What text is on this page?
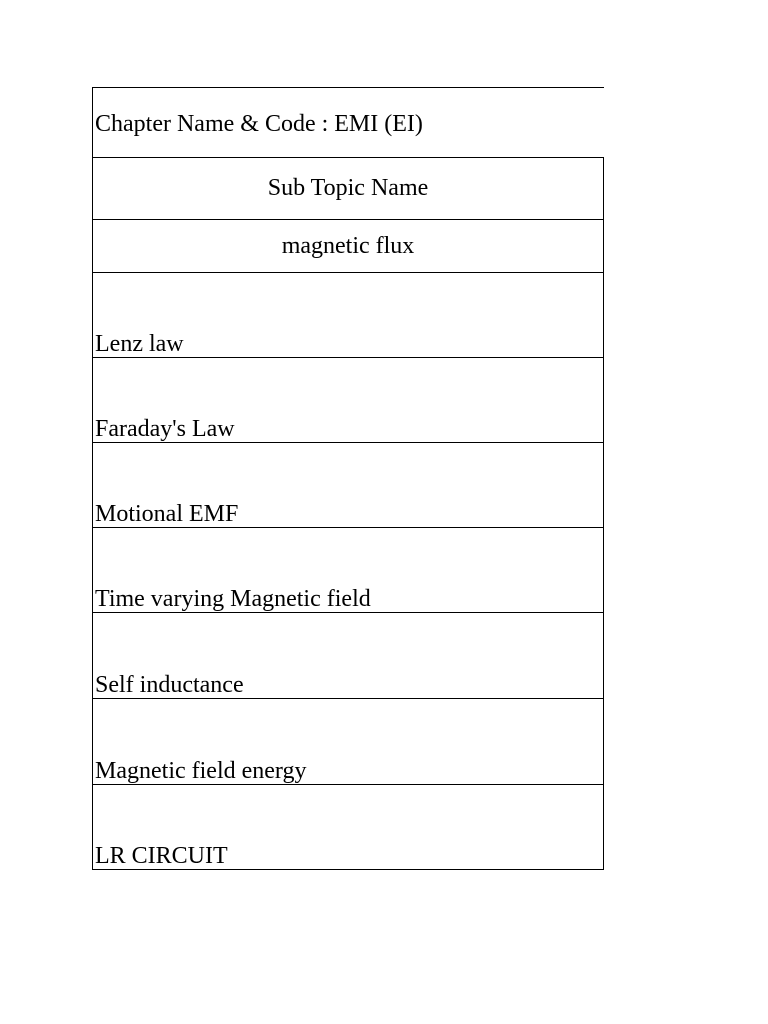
Chapter Name & Code : EMI (EI)
Sub Topic Name
magnetic flux
Lenz law
Faraday's Law
Motional EMF
Time varying Magnetic field
Self inductance
Magnetic field energy
LR CIRCUIT
